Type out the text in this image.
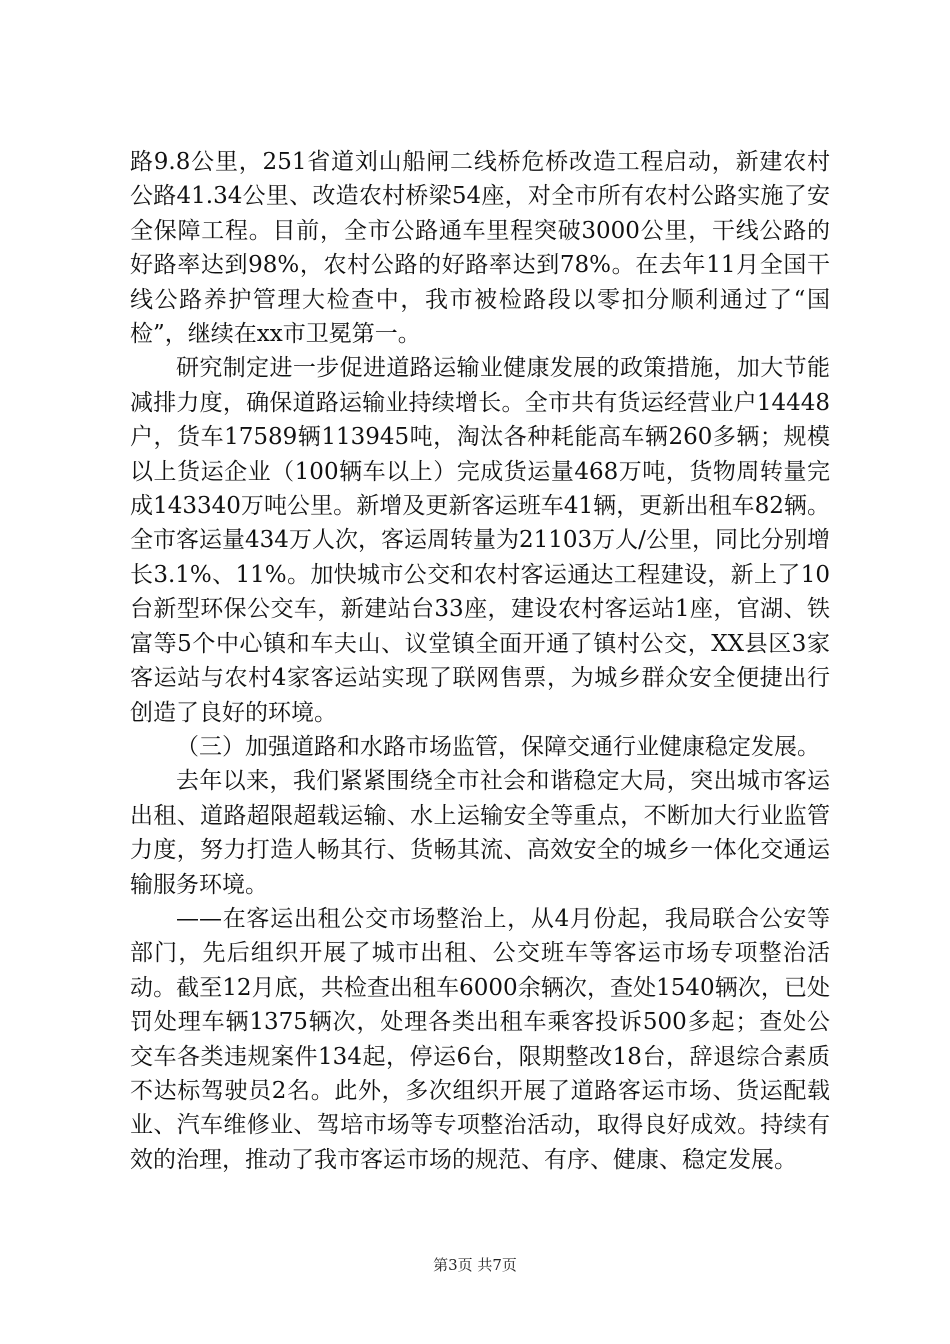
路9.8公里，251省道刘山船闸二线桥危桥改造工程启动，新建农村公路41.34公里、改造农村桥梁54座，对全市所有农村公路实施了安全保障工程。目前，全市公路通车里程突破3000公里，干线公路的好路率达到98%，农村公路的好路率达到78%。在去年11月全国干线公路养护管理大检查中，我市被检路段以零扣分顺利通过了“国检”，继续在xx市卫冕第一。

研究制定进一步促进道路运输业健康发展的政策措施，加大节能减排力度，确保道路运输业持续增长。全市共有货运经营业户14448户，货车17589辆113945吨，淘汰各种耗能高车辆260多辆；规模以上货运企业（100辆车以上）完成货运量468万吨，货物周转量完成143340万吨公里。新增及更新客运班车41辆，更新出租车82辆。全市客运量434万人次，客运周转量为21103万人/公里，同比分别增长3.1%、11%。加快城市公交和农村客运通达工程建设，新上了10台新型环保公交车，新建站台33座，建设农村客运站1座，官湖、铁富等5个中心镇和车夫山、议堂镇全面开通了镇村公交，XX县区3家客运站与农村4家客运站实现了联网售票，为城乡群众安全便捷出行创造了良好的环境。

（三）加强道路和水路市场监管，保障交通行业健康稳定发展。

去年以来，我们紧紧围绕全市社会和谐稳定大局，突出城市客运出租、道路超限超载运输、水上运输安全等重点，不断加大行业监管力度，努力打造人畅其行、货畅其流、高效安全的城乡一体化交通运输服务环境。

——在客运出租公交市场整治上，从4月份起，我局联合公安等部门，先后组织开展了城市出租、公交班车等客运市场专项整治活动。截至12月底，共检查出租车6000余辆次，查处1540辆次，已处罚处理车辆1375辆次，处理各类出租车乘客投诉500多起；查处公交车各类违规案件134起，停运6台，限期整改18台，辞退综合素质不达标驾驶员2名。此外，多次组织开展了道路客运市场、货运配载业、汽车维修业、驾培市场等专项整治活动，取得良好成效。持续有效的治理，推动了我市客运市场的规范、有序、健康、稳定发展。

第3页 共7页
